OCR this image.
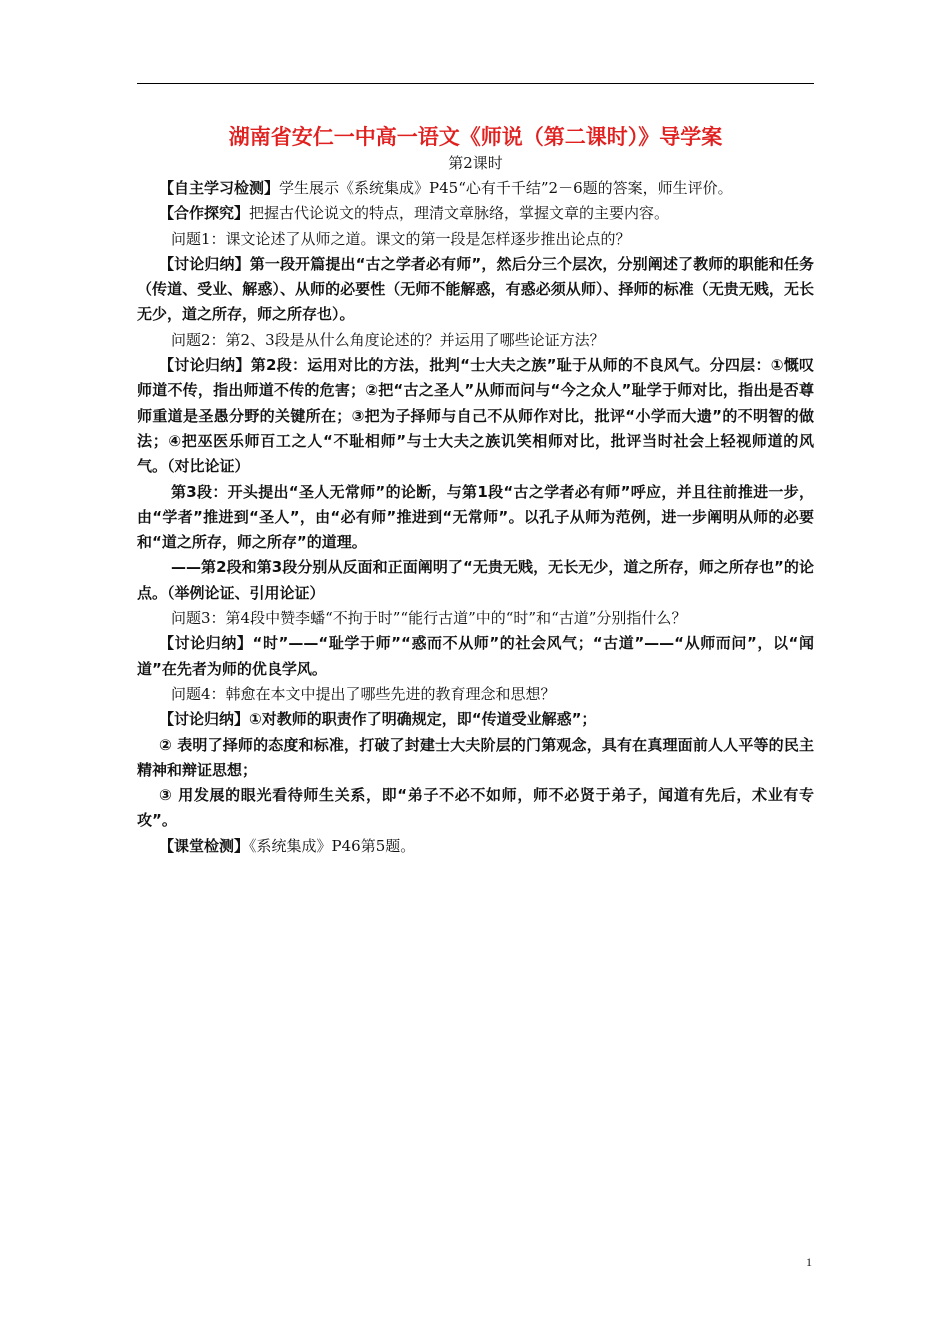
湖南省安仁一中高一语文《师说（第二课时）》导学案

第2课时

【自主学习检测】学生展示《系统集成》P45“心有千千结”2－6题的答案，师生评价。

【合作探究】把握古代论说文的特点，理清文章脉络，掌握文章的主要内容。

问题1：课文论述了从师之道。课文的第一段是怎样逐步推出论点的？

【讨论归纳】第一段开篇提出“古之学者必有师”，然后分三个层次，分别阐述了教师的职能和任务（传道、受业、解惑）、从师的必要性（无师不能解惑，有惑必须从师）、择师的标准（无贵无贱，无长无少，道之所存，师之所存也）。

问题2：第2、3段是从什么角度论述的？并运用了哪些论证方法？

【讨论归纳】第2段：运用对比的方法，批判“士大夫之族”耻于从师的不良风气。分四层：①慨叹师道不传，指出师道不传的危害；②把“古之圣人”从师而问与“今之众人”耻学于师对比，指出是否尊师重道是圣愚分野的关键所在；③把为子择师与自己不从师作对比，批评“小学而大遗”的不明智的做法；④把巫医乐师百工之人“不耻相师”与士大夫之族讥笑相师对比，批评当时社会上轻视师道的风气。（对比论证）

第3段：开头提出“圣人无常师”的论断，与第1段“古之学者必有师”呼应，并且往前推进一步，由“学者”推进到“圣人”，由“必有师”推进到“无常师”。以孔子从师为范例，进一步阐明从师的必要和“道之所存，师之所存”的道理。

——第2段和第3段分别从反面和正面阐明了“无贵无贱，无长无少，道之所存，师之所存也”的论点。（举例论证、引用论证）

问题3：第4段中赞李蟠“不拘于时”“能行古道”中的“时”和“古道”分别指什么？

【讨论归纳】“时”——“耻学于师”“惑而不从师”的社会风气；“古道”——“从师而问”，以“闻道”在先者为师的优良学风。

问题4：韩愈在本文中提出了哪些先进的教育理念和思想？

【讨论归纳】①对教师的职责作了明确规定，即“传道受业解惑”；

② 表明了择师的态度和标准，打破了封建士大夫阶层的门第观念，具有在真理面前人人平等的民主精神和辩证思想；

③ 用发展的眼光看待师生关系，即“弟子不必不如师，师不必贤于弟子，闻道有先后，术业有专攻”。

【课堂检测】《系统集成》P46第5题。

1
